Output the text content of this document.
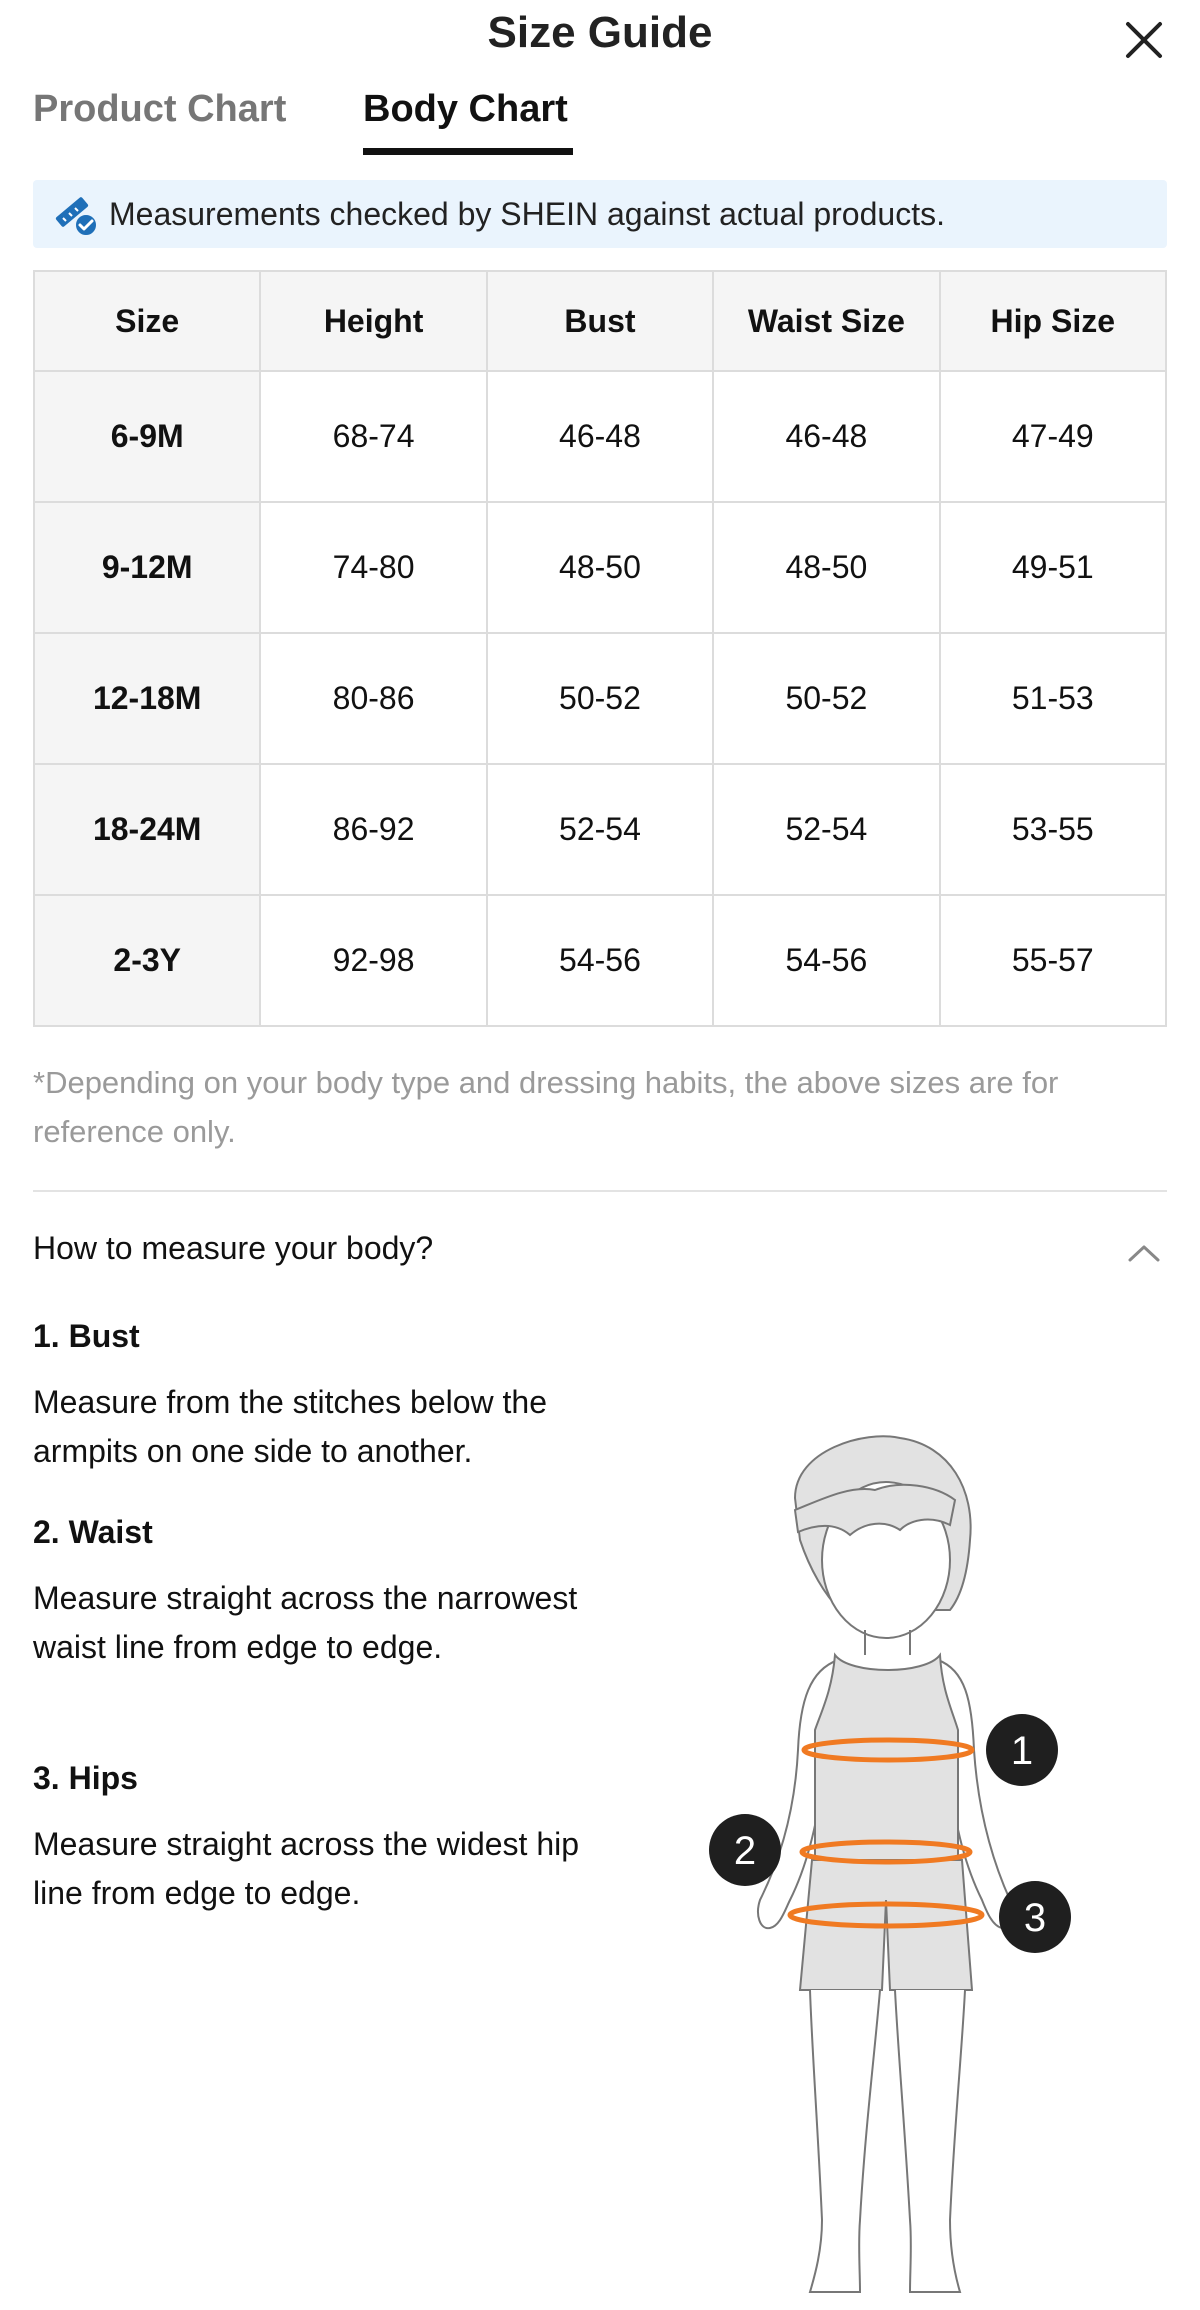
Size Guide
Product Chart Body Chart
Measurements checked by SHEIN against actual products.
Size	Height	Bust	Waist Size	Hip Size
6-9M	68-74	46-48	46-48	47-49
9-12M	74-80	48-50	48-50	49-51
12-18M	80-86	50-52	50-52	51-53
18-24M	86-92	52-54	52-54	53-55
2-3Y	92-98	54-56	54-56	55-57
*Depending on your body type and dressing habits, the above sizes are for reference only.
How to measure your body?
1. Bust
Measure from the stitches below the armpits on one side to another.
2. Waist
Measure straight across the narrowest waist line from edge to edge.
3. Hips
Measure straight across the widest hip line from edge to edge.
1
2
3
